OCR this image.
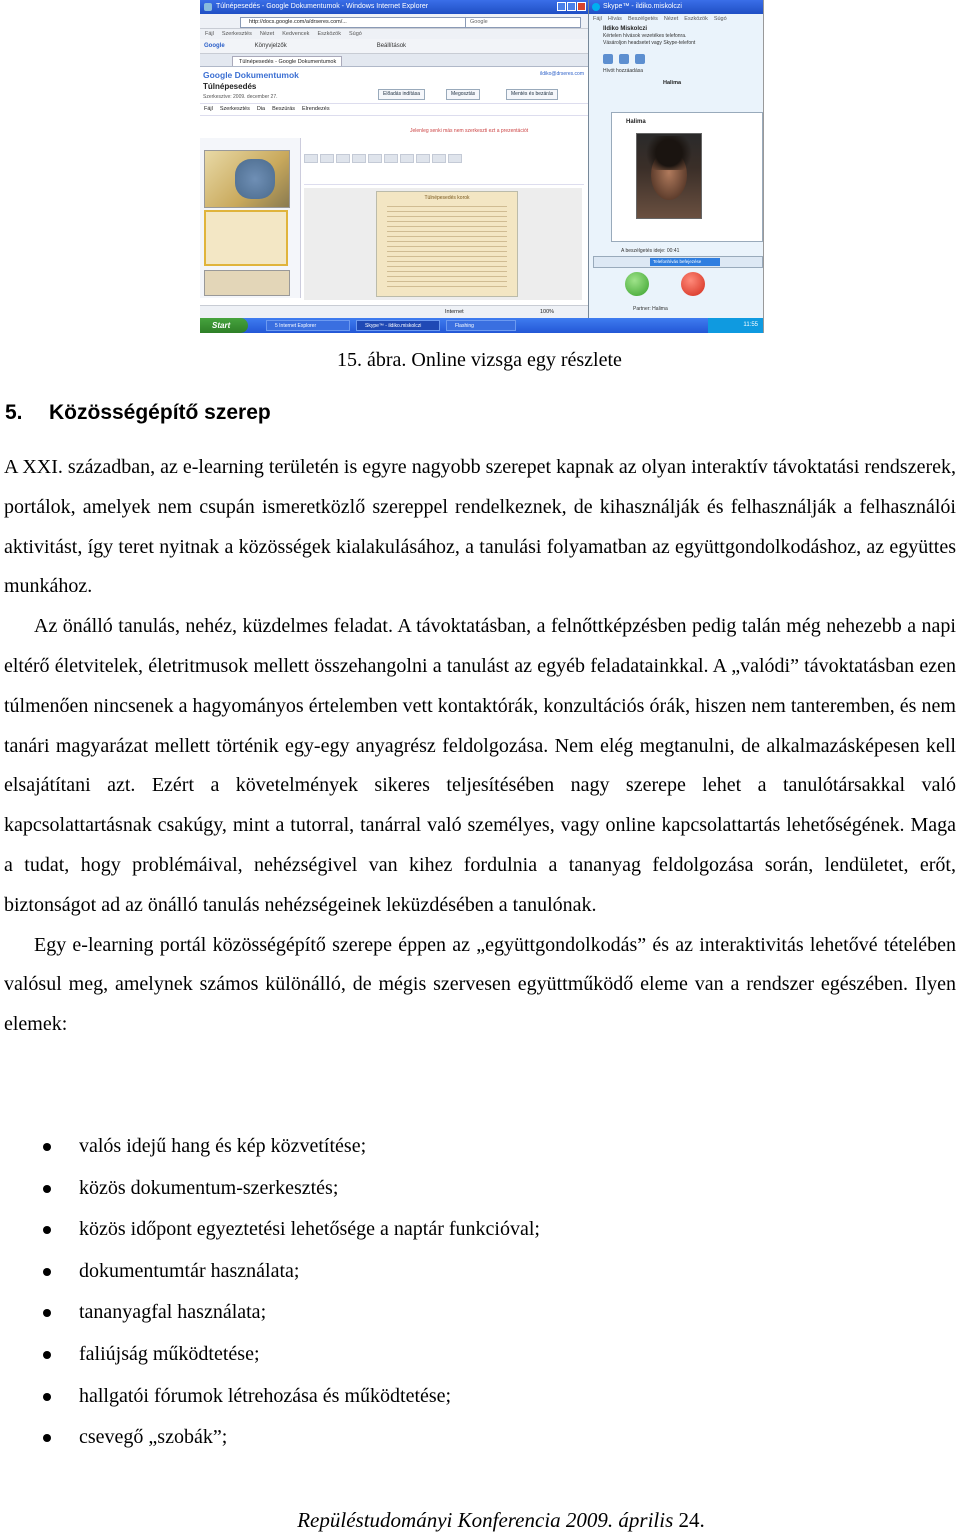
Túlnépesedés - Google Dokumentumok - Windows Internet Explorer
http://docs.google.com/a/drseres.com/...	Google
Fájl Szerkesztés Nézet Kedvencek Eszközök Súgó
Google	Könyvjelzők	Beállítások
Túlnépesedés - Google Dokumentumok
Google Dokumentumok
Túlnépesedés
Szerkesztve: 2009. december 27.
ildiko@drseres.com
Előadás indítása	Megosztás	Mentés és bezárás
Fájl Szerkesztés Dia Beszúrás Elrendezés
Jelenleg senki más nem szerkeszti ezt a prezentációt
Túlnépesedés korok
Internet	100%
Skype™ - ildiko.miskolczi
Fájl Hívás Beszélgetés Nézet Eszközök Súgó
Ildiko Miskolczi
Kértelen hívások vezetékes telefonra.
Vásároljon headsetet vagy Skype-telefont
Halima
Hívót hozzáadása
Halima
A beszélgetés ideje: 00:41
Telefonhívás befejezése
Partner: Halima
Start	5 Internet Explorer	Skype™ - ildiko.miskolczi	Flashing	11:55

15. ábra. Online vizsga egy részlete

5. Közösségépítő szerep

A XXI. században, az e-learning területén is egyre nagyobb szerepet kapnak az olyan interaktív távoktatási rendszerek, portálok, amelyek nem csupán ismeretközlő szereppel rendelkeznek, de kihasználják és felhasználják a felhasználói aktivitást, így teret nyitnak a közösségek kialakulásához, a tanulási folyamatban az együttgondolkodáshoz, az együttes munkához.

Az önálló tanulás, nehéz, küzdelmes feladat. A távoktatásban, a felnőttképzésben pedig talán még nehezebb a napi eltérő életvitelek, életritmusok mellett összehangolni a tanulást az egyéb feladatainkkal. A „valódi” távoktatásban ezen túlmenően nincsenek a hagyományos értelemben vett kontaktórák, konzultációs órák, hiszen nem tanteremben, és nem tanári magyarázat mellett történik egy-egy anyagrész feldolgozása. Nem elég megtanulni, de alkalmazásképesen kell elsajátítani azt. Ezért a követelmények sikeres teljesítésében nagy szerepe lehet a tanulótársakkal való kapcsolattartásnak csakúgy, mint a tutorral, tanárral való személyes, vagy online kapcsolattartás lehetőségének. Maga a tudat, hogy problémáival, nehézségivel van kihez fordulnia a tananyag feldolgozása során, lendületet, erőt, biztonságot ad az önálló tanulás nehézségeinek leküzdésében a tanulónak.

Egy e-learning portál közösségépítő szerepe éppen az „együttgondolkodás” és az interaktivitás lehetővé tételében valósul meg, amelynek számos különálló, de mégis szervesen együttműködő eleme van a rendszer egészében. Ilyen elemek:

valós idejű hang és kép közvetítése;
közös dokumentum-szerkesztés;
közös időpont egyeztetési lehetősége a naptár funkcióval;
dokumentumtár használata;
tananyagfal használata;
faliújság működtetése;
hallgatói fórumok létrehozása és működtetése;
csevegő „szobák”;

Repüléstudományi Konferencia 2009. április 24.
